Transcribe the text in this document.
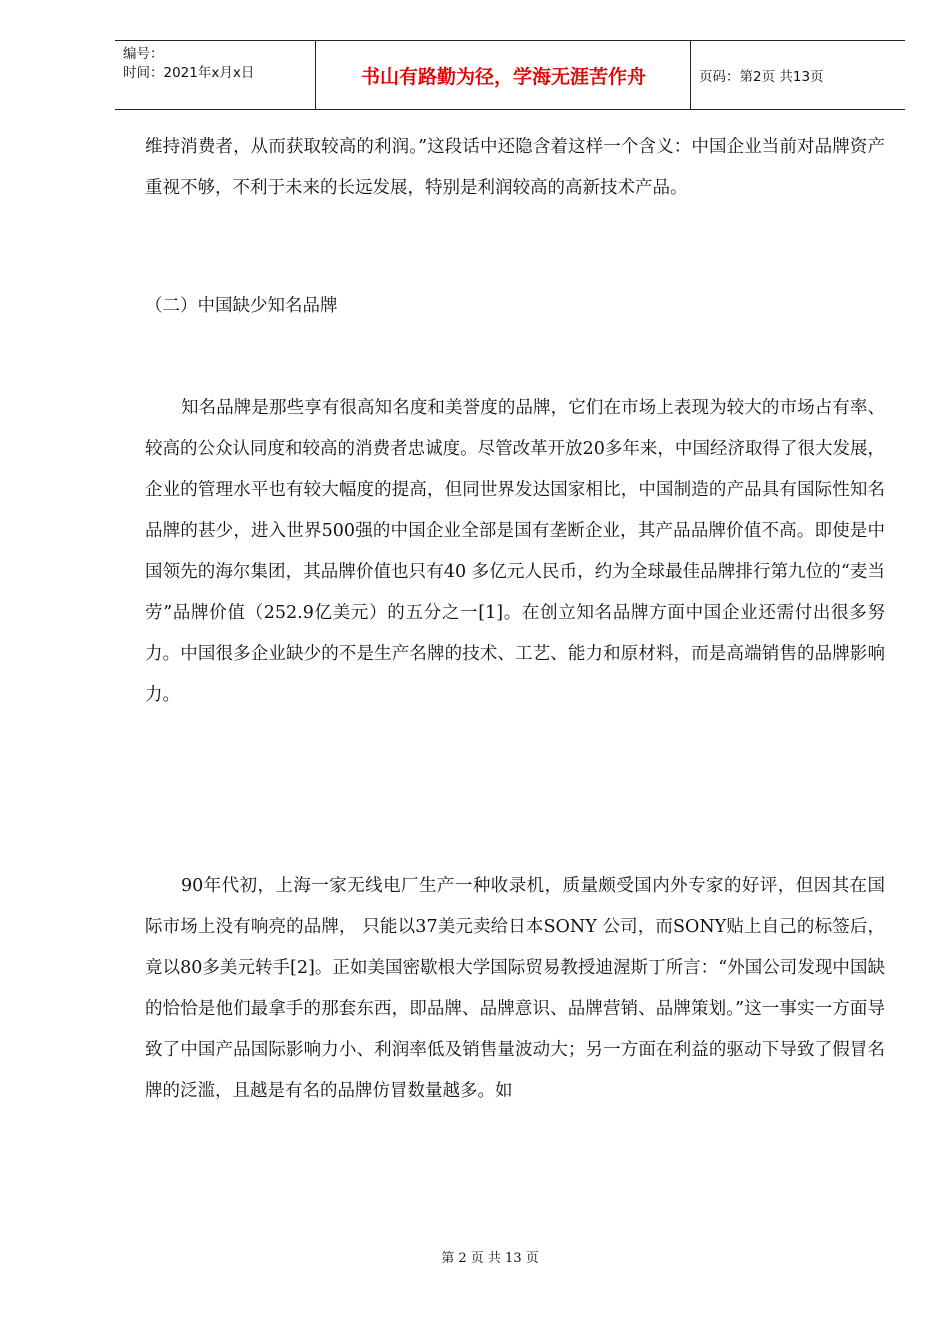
编号：
时间：2021年x月x日	书山有路勤为径，学海无涯苦作舟	页码：第2页 共13页

维持消费者，从而获取较高的利润。”这段话中还隐含着这样一个含义：中国企业当前对品牌资产重视不够，不利于未来的长远发展，特别是利润较高的高新技术产品。

（二）中国缺少知名品牌

知名品牌是那些享有很高知名度和美誉度的品牌，它们在市场上表现为较大的市场占有率、较高的公众认同度和较高的消费者忠诚度。尽管改革开放20多年来，中国经济取得了很大发展，企业的管理水平也有较大幅度的提高，但同世界发达国家相比，中国制造的产品具有国际性知名品牌的甚少，进入世界500强的中国企业全部是国有垄断企业，其产品品牌价值不高。即使是中国领先的海尔集团，其品牌价值也只有40 多亿元人民币，约为全球最佳品牌排行第九位的“麦当劳”品牌价值（252.9亿美元）的五分之一[1]。在创立知名品牌方面中国企业还需付出很多努力。中国很多企业缺少的不是生产名牌的技术、工艺、能力和原材料，而是高端销售的品牌影响力。

90年代初，上海一家无线电厂生产一种收录机，质量颇受国内外专家的好评，但因其在国际市场上没有响亮的品牌， 只能以37美元卖给日本SONY 公司，而SONY贴上自己的标签后，竟以80多美元转手[2]。正如美国密歇根大学国际贸易教授迪渥斯丁所言：“外国公司发现中国缺的恰恰是他们最拿手的那套东西，即品牌、品牌意识、品牌营销、品牌策划。”这一事实一方面导致了中国产品国际影响力小、利润率低及销售量波动大；另一方面在利益的驱动下导致了假冒名牌的泛滥，且越是有名的品牌仿冒数量越多。如

第 2 页 共 13 页
